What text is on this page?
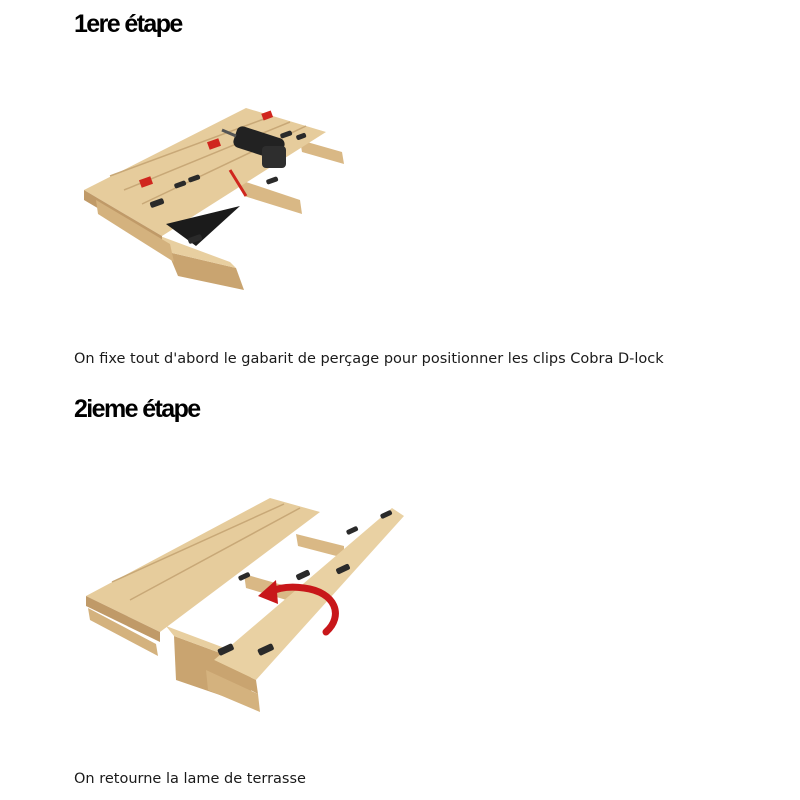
1ere étape

On fixe tout d'abord le gabarit de perçage pour positionner les clips Cobra D-lock

2ieme étape

On retourne la lame de terrasse
